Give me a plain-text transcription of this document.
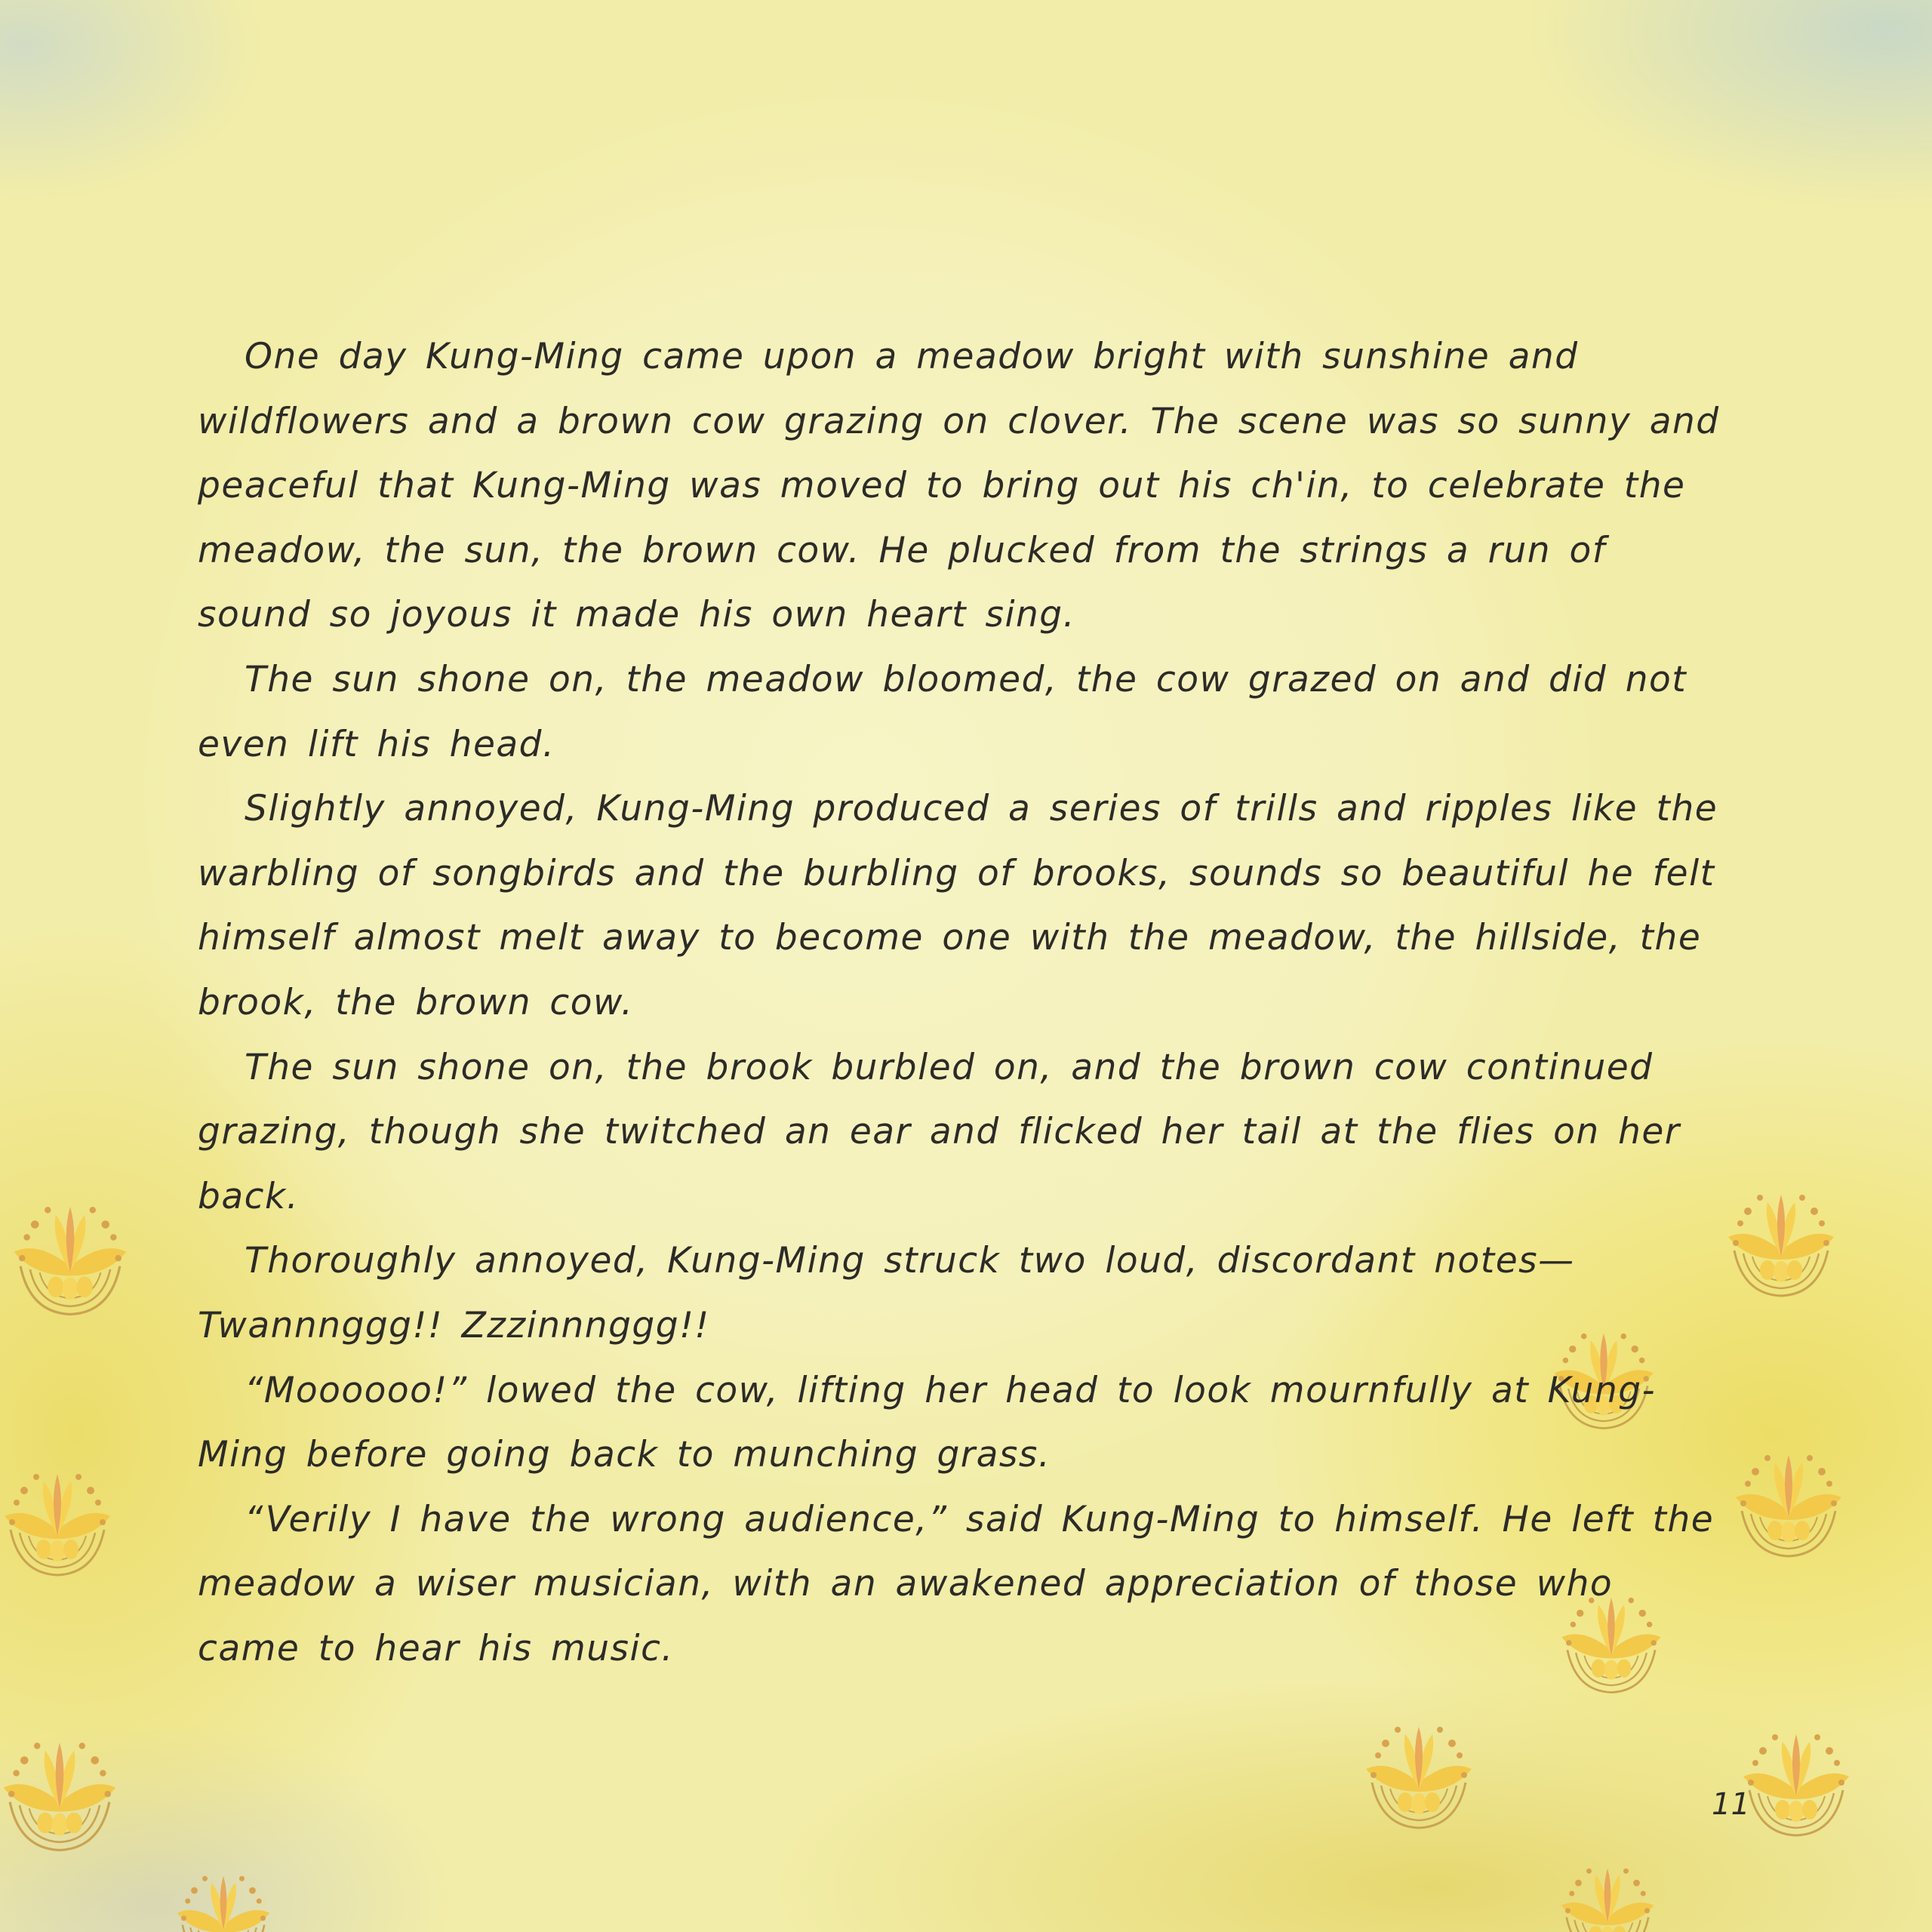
One day Kung-Ming came upon a meadow bright with sunshine and wildflowers and a brown cow grazing on clover. The scene was so sunny and peaceful that Kung-Ming was moved to bring out his ch'in, to celebrate the meadow, the sun, the brown cow. He plucked from the strings a run of sound so joyous it made his own heart sing.

The sun shone on, the meadow bloomed, the cow grazed on and did not even lift his head.

Slightly annoyed, Kung-Ming produced a series of trills and ripples like the warbling of songbirds and the burbling of brooks, sounds so beautiful he felt himself almost melt away to become one with the meadow, the hillside, the brook, the brown cow.

The sun shone on, the brook burbled on, and the brown cow continued grazing, though she twitched an ear and flicked her tail at the flies on her back.

Thoroughly annoyed, Kung-Ming struck two loud, discordant notes—Twannnggg!! Zzzinnnggg!!

“Moooooo!” lowed the cow, lifting her head to look mournfully at Kung-Ming before going back to munching grass.

“Verily I have the wrong audience,” said Kung-Ming to himself. He left the meadow a wiser musician, with an awakened appreciation of those who came to hear his music.

11
